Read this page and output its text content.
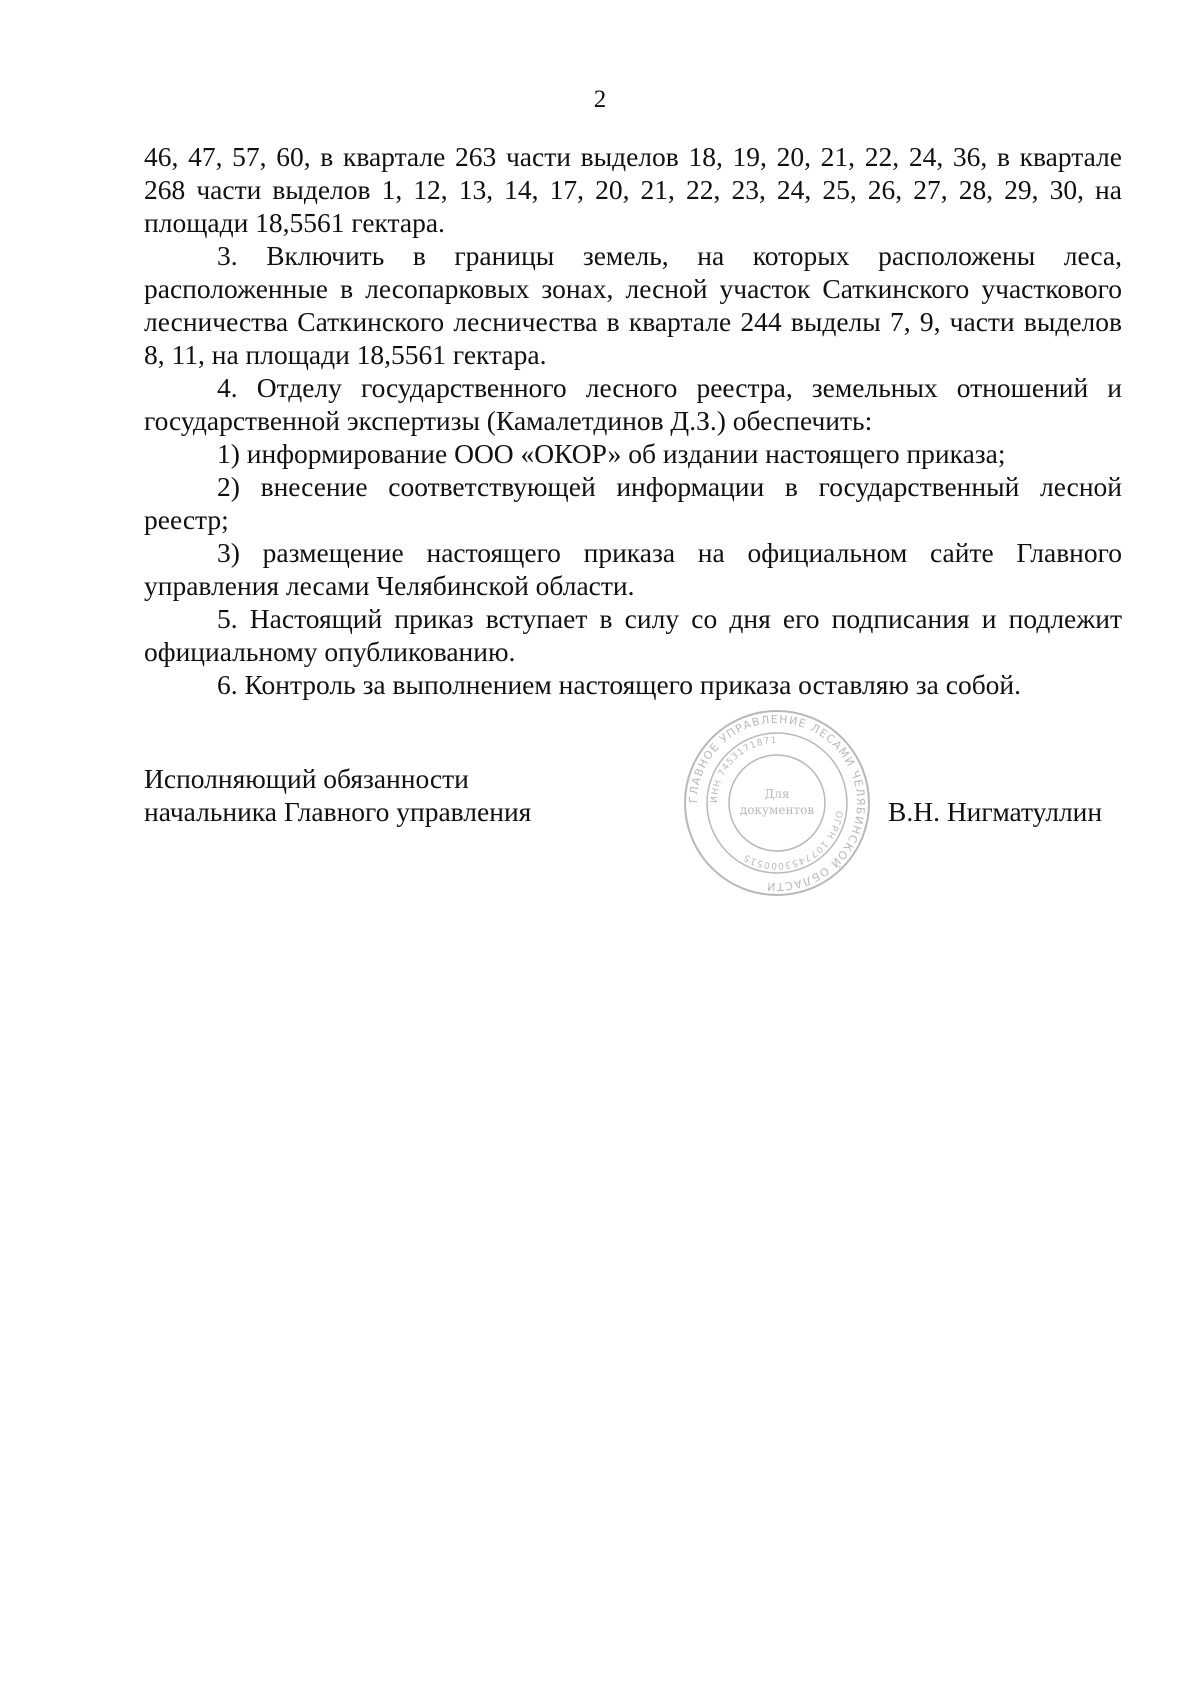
2

46, 47, 57, 60, в квартале 263 части выделов 18, 19, 20, 21, 22, 24, 36, в квартале 268 части выделов 1, 12, 13, 14, 17, 20, 21, 22, 23, 24, 25, 26, 27, 28, 29, 30, на площади 18,5561 гектара.

3. Включить в границы земель, на которых расположены леса, расположенные в лесопарковых зонах, лесной участок Саткинского участкового лесничества Саткинского лесничества в квартале 244 выделы 7, 9, части выделов 8, 11, на площади 18,5561 гектара.

4. Отделу государственного лесного реестра, земельных отношений и государственной экспертизы (Камалетдинов Д.З.) обеспечить:

1) информирование ООО «ОКОР» об издании настоящего приказа;

2) внесение соответствующей информации в государственный лесной реестр;

3) размещение настоящего приказа на официальном сайте Главного управления лесами Челябинской области.

5. Настоящий приказ вступает в силу со дня его подписания и подлежит официальному опубликованию.

6. Контроль за выполнением настоящего приказа оставляю за собой.

Исполняющий обязанности
начальника Главного управления	В.Н. Нигматуллин
ГЛАВНОЕ УПРАВЛЕНИЕ ЛЕСАМИ ЧЕЛЯБИНСКОЙ ОБЛАСТИ
ИНН 7453171871
ОГРН 1077453000515
Для
документов
